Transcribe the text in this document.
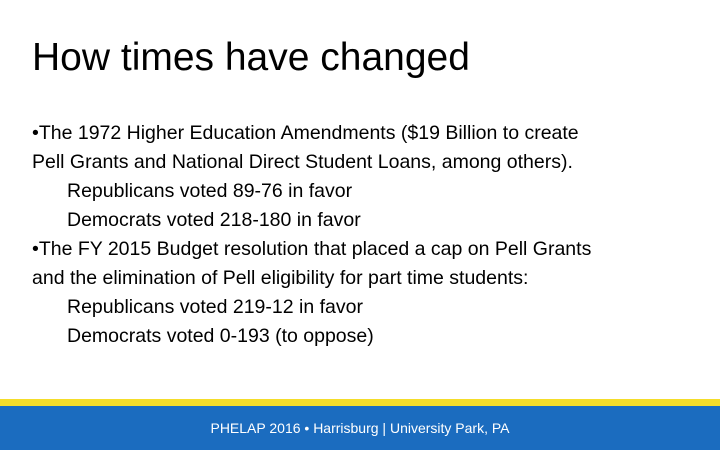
How times have changed
•The 1972 Higher Education Amendments ($19 Billion to create
Pell Grants and National Direct Student Loans, among others).
Republicans voted 89-76 in favor
Democrats voted 218-180 in favor
•The FY 2015 Budget resolution that placed a cap on Pell Grants
and the elimination of Pell eligibility for part time students:
Republicans voted 219-12 in favor
Democrats voted 0-193 (to oppose)
PHELAP 2016 • Harrisburg | University Park, PA
